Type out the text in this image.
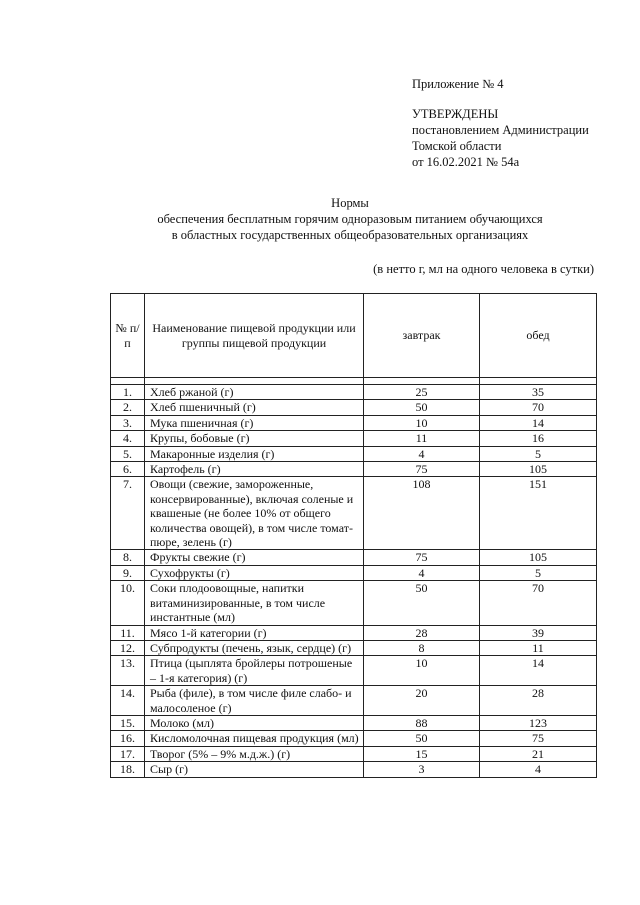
Приложение № 4
УТВЕРЖДЕНЫ
постановлением Администрации
Томской области
от 16.02.2021 № 54а
Нормы
обеспечения бесплатным горячим одноразовым питанием обучающихся
в областных государственных общеобразовательных организациях
(в нетто г, мл на одного человека в сутки)
№ п/п	Наименование пищевой продукции или группы пищевой продукции	завтрак	обед

1.	Хлеб ржаной (г)	25	35
2.	Хлеб пшеничный (г)	50	70
3.	Мука пшеничная (г)	10	14
4.	Крупы, бобовые (г)	11	16
5.	Макаронные изделия (г)	4	5
6.	Картофель (г)	75	105
7.	Овощи (свежие, замороженные, консервированные), включая соленые и квашеные (не более 10% от общего количества овощей), в том числе томат-пюре, зелень (г)	108	151
8.	Фрукты свежие (г)	75	105
9.	Сухофрукты (г)	4	5
10.	Соки плодоовощные, напитки витаминизированные, в том числе инстантные (мл)	50	70
11.	Мясо 1-й категории (г)	28	39
12.	Субпродукты (печень, язык, сердце) (г)	8	11
13.	Птица (цыплята бройлеры потрошеные – 1-я категория) (г)	10	14
14.	Рыба (филе), в том числе филе слабо- и малосоленое (г)	20	28
15.	Молоко (мл)	88	123
16.	Кисломолочная пищевая продукция (мл)	50	75
17.	Творог (5% – 9% м.д.ж.) (г)	15	21
18.	Сыр (г)	3	4
